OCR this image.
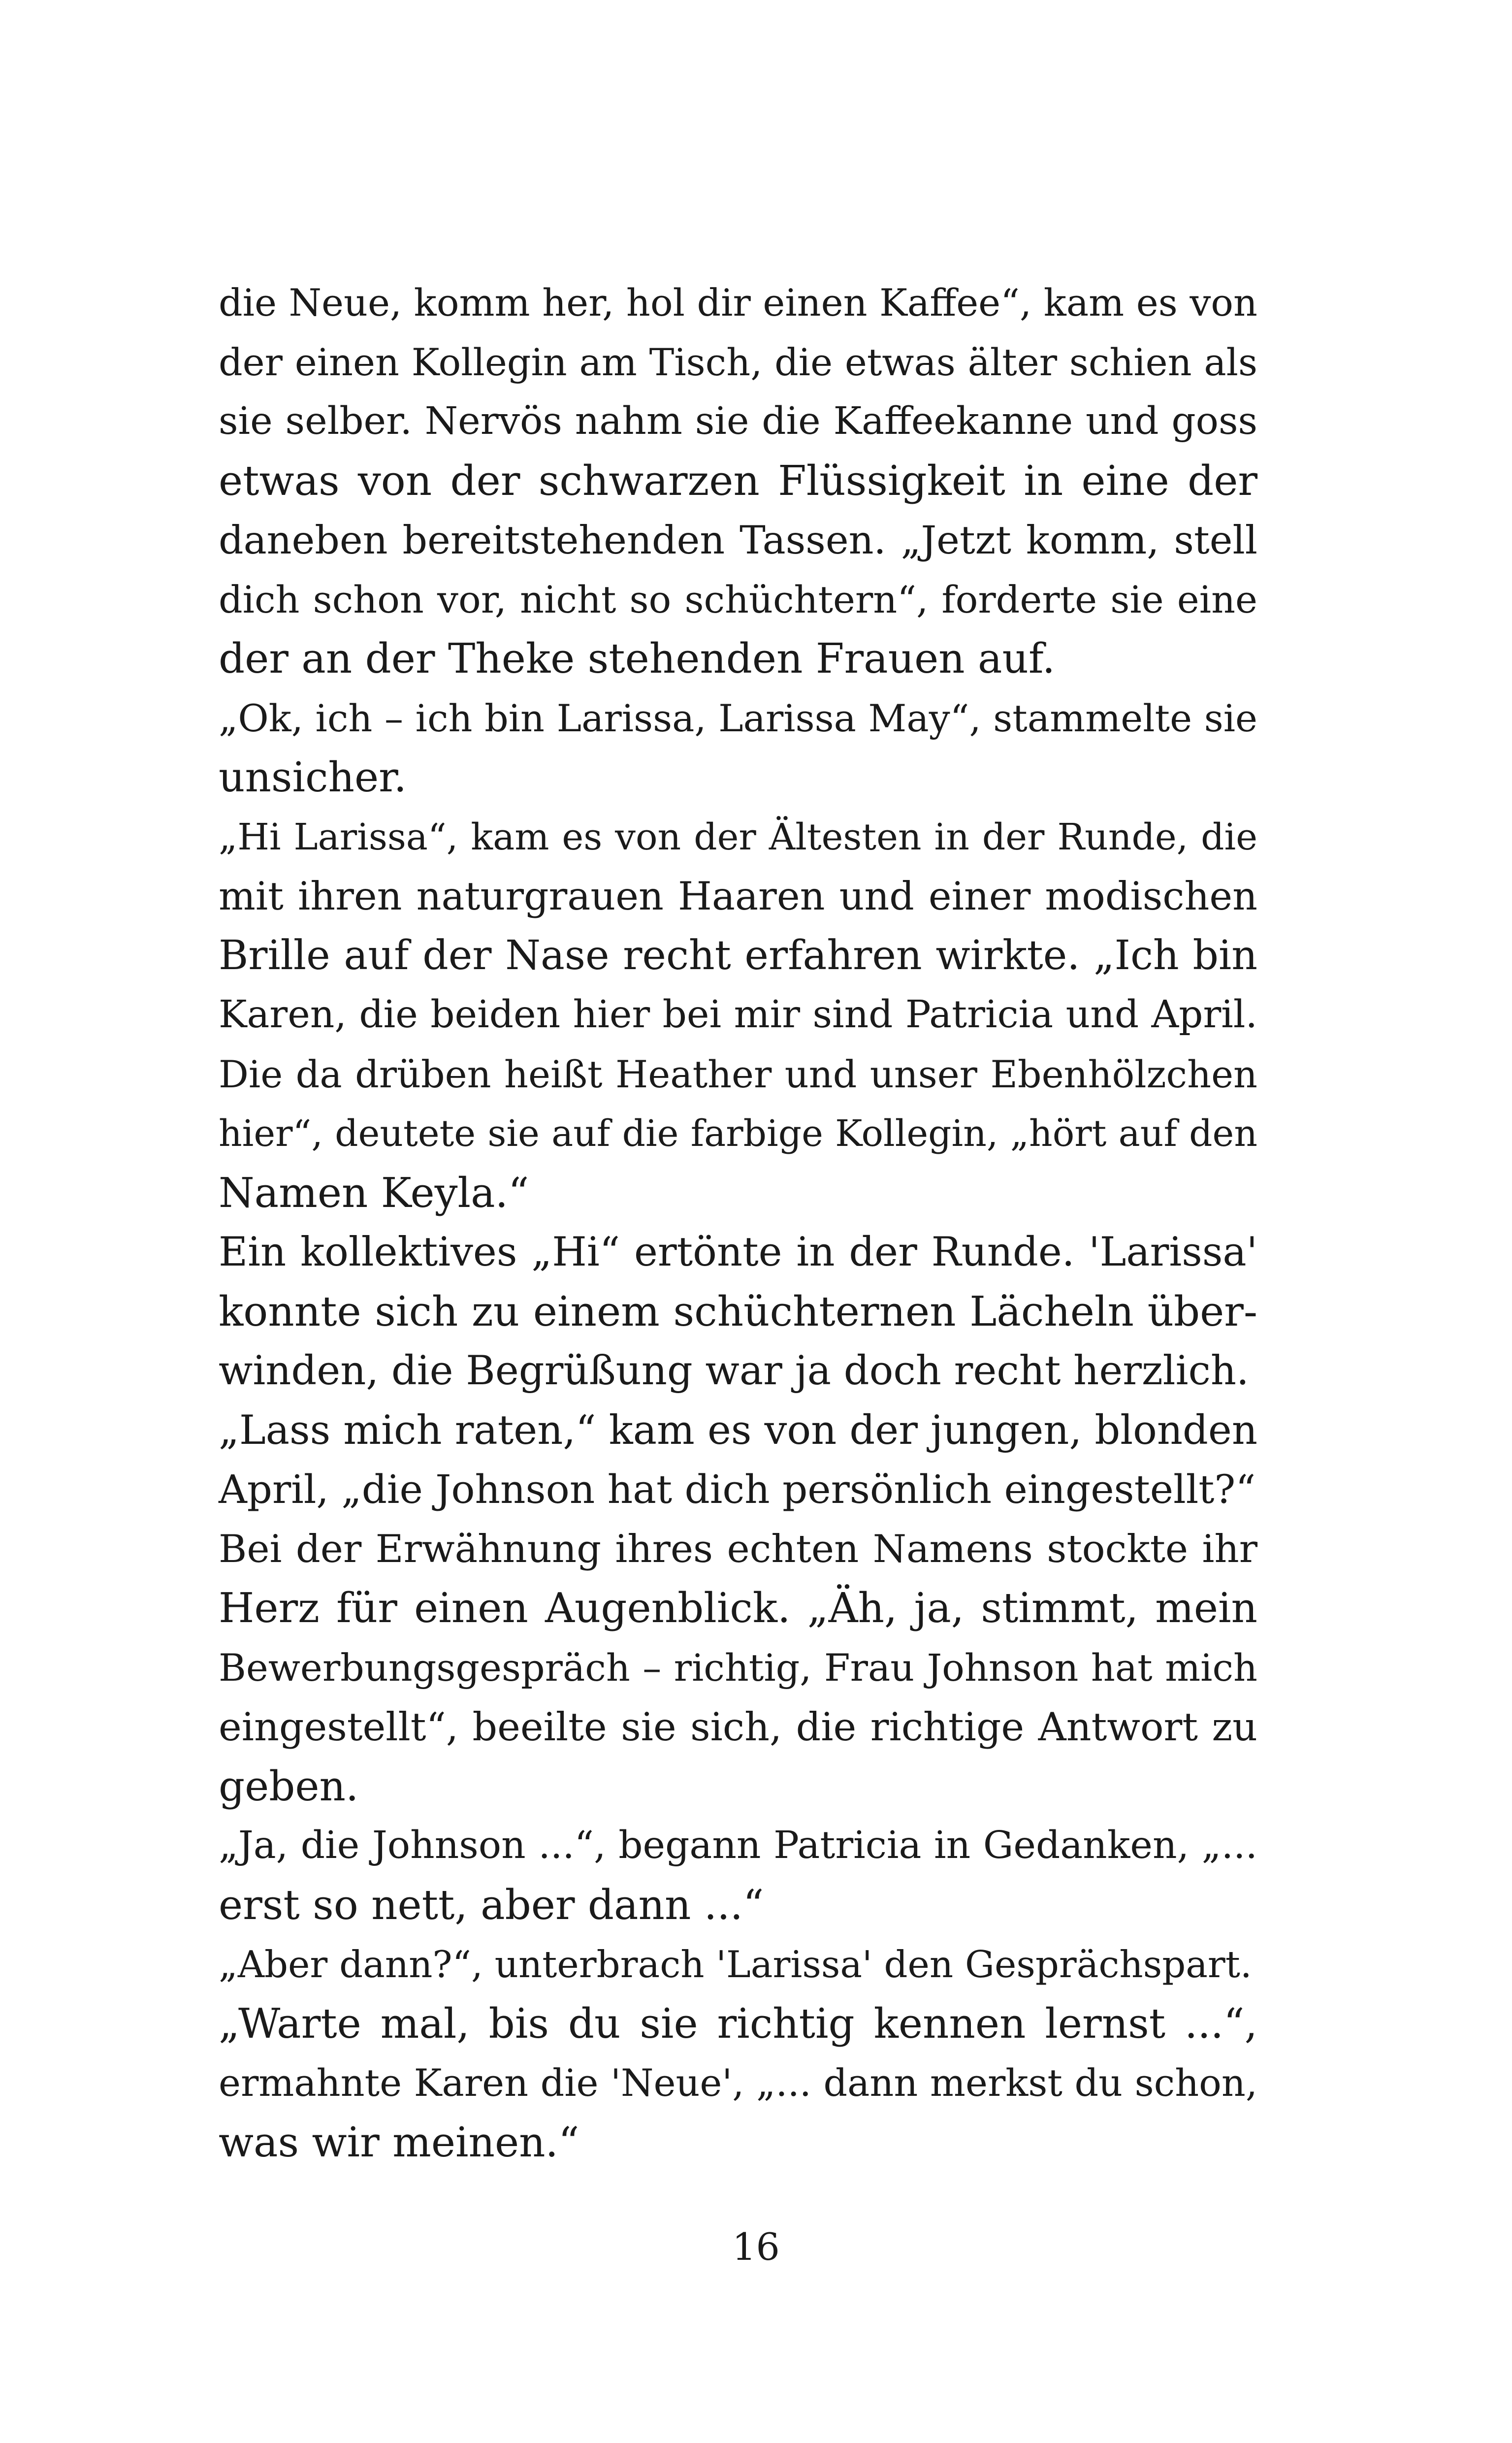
die Neue, komm her, hol dir einen Kaffee“, kam es von
der einen Kollegin am Tisch, die etwas älter schien als
sie selber. Nervös nahm sie die Kaffeekanne und goss
etwas von der schwarzen Flüssigkeit in eine der
daneben bereitstehenden Tassen. „Jetzt komm, stell
dich schon vor, nicht so schüchtern“, forderte sie eine
der an der Theke stehenden Frauen auf.
„Ok, ich – ich bin Larissa, Larissa May“, stammelte sie
unsicher.
„Hi Larissa“, kam es von der Ältesten in der Runde, die
mit ihren naturgrauen Haaren und einer modischen
Brille auf der Nase recht erfahren wirkte. „Ich bin
Karen, die beiden hier bei mir sind Patricia und April.
Die da drüben heißt Heather und unser Ebenhölzchen
hier“, deutete sie auf die farbige Kollegin, „hört auf den
Namen Keyla.“
Ein kollektives „Hi“ ertönte in der Runde. 'Larissa'
konnte sich zu einem schüchternen Lächeln über-
winden, die Begrüßung war ja doch recht herzlich.
„Lass mich raten,“ kam es von der jungen, blonden
April, „die Johnson hat dich persönlich eingestellt?“
Bei der Erwähnung ihres echten Namens stockte ihr
Herz für einen Augenblick. „Äh, ja, stimmt, mein
Bewerbungsgespräch – richtig, Frau Johnson hat mich
eingestellt“, beeilte sie sich, die richtige Antwort zu
geben.
„Ja, die Johnson ...“, begann Patricia in Gedanken, „...
erst so nett, aber dann ...“
„Aber dann?“, unterbrach 'Larissa' den Gesprächspart.
„Warte mal, bis du sie richtig kennen lernst ...“,
ermahnte Karen die 'Neue', „... dann merkst du schon,
was wir meinen.“
16
